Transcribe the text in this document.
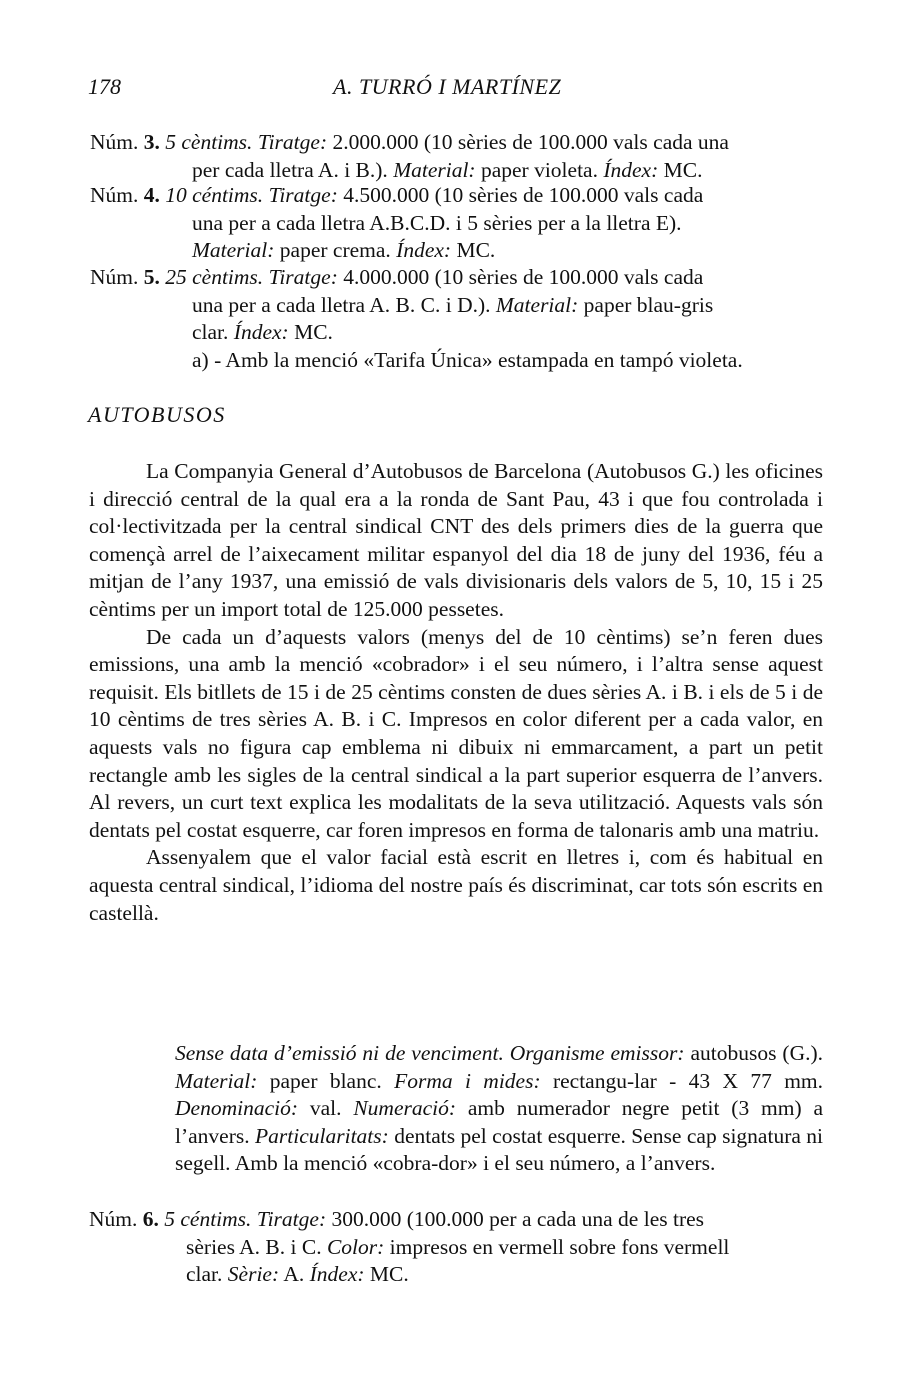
178	A. TURRÓ I MARTÍNEZ
Núm. 3. 5 cèntims. Tiratge: 2.000.000 (10 sèries de 100.000 vals cada una
per cada lletra A. i B.). Material: paper violeta. Índex: MC.
Núm. 4. 10 céntims. Tiratge: 4.500.000 (10 sèries de 100.000 vals cada
una per a cada lletra A.B.C.D. i 5 sèries per a la lletra E).
Material: paper crema. Índex: MC.
Núm. 5. 25 cèntims. Tiratge: 4.000.000 (10 sèries de 100.000 vals cada
una per a cada lletra A. B. C. i D.). Material: paper blau-gris
clar. Índex: MC.
a) - Amb la menció «Tarifa Única» estampada en tampó violeta.
AUTOBUSOS

La Companyia General d’Autobusos de Barcelona (Autobusos G.) les oficines i direcció central de la qual era a la ronda de Sant Pau, 43 i que fou controlada i col·lectivitzada per la central sindical CNT des dels primers dies de la guerra que començà arrel de l’aixecament militar espanyol del dia 18 de juny del 1936, féu a mitjan de l’any 1937, una emissió de vals divisionaris dels valors de 5, 10, 15 i 25 cèntims per un import total de 125.000 pessetes.

De cada un d’aquests valors (menys del de 10 cèntims) se’n feren dues emissions, una amb la menció «cobrador» i el seu número, i l’altra sense aquest requisit. Els bitllets de 15 i de 25 cèntims consten de dues sèries A. i B. i els de 5 i de 10 cèntims de tres sèries A. B. i C. Impresos en color diferent per a cada valor, en aquests vals no figura cap emblema ni dibuix ni emmarcament, a part un petit rectangle amb les sigles de la central sindical a la part superior esquerra de l’anvers. Al revers, un curt text explica les modalitats de la seva utilització. Aquests vals són dentats pel costat esquerre, car foren impresos en forma de talonaris amb una matriu.

Assenyalem que el valor facial està escrit en lletres i, com és habitual en aquesta central sindical, l’idioma del nostre país és discriminat, car tots són escrits en castellà.

Sense data d’emissió ni de venciment. Organisme emissor: autobusos (G.). Material: paper blanc. Forma i mides: rectangu-lar - 43 X 77 mm. Denominació: val. Numeració: amb numerador negre petit (3 mm) a l’anvers. Particularitats: dentats pel costat esquerre. Sense cap signatura ni segell. Amb la menció «cobra-dor» i el seu número, a l’anvers.
Núm. 6. 5 céntims. Tiratge: 300.000 (100.000 per a cada una de les tres
sèries A. B. i C. Color: impresos en vermell sobre fons vermell
clar. Sèrie: A. Índex: MC.
